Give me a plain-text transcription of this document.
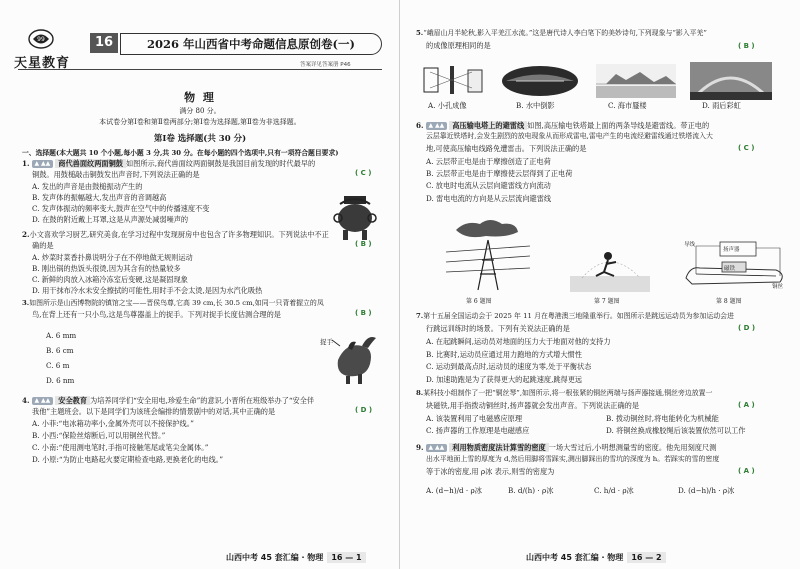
99
天星教育
16	2026 年山西省中考命题信息原创卷(一)
答案详见答案册 P46
物 理
满分 80 分。
本试卷分第Ⅰ卷和第Ⅱ卷两部分;第Ⅰ卷为选择题,第Ⅱ卷为非选择题。
第Ⅰ卷 选择题(共 30 分)
一、选择题(本大题共 10 个小题,每小题 3 分,共 30 分。在每小题的四个选项中,只有一项符合题目要求)
1. ▲ ▲▲ 商代兽面纹两面铜鼓 如图所示,商代兽面纹两面铜鼓是我国目前发现的时代最早的
铜鼓。用鼓槌敲击铜鼓发出声音时,下列说法正确的是	( C )
A. 发出的声音是由鼓槌振动产生的
B. 发声体的振幅越大,发出声音的音调越高
C. 发声体振动的频率变大,鼓声在空气中的传播速度不变
D. 在鼓的附近戴上耳罩,这是从声源处减弱噪声的
2.小文喜欢学习厨艺,研究美食,在学习过程中发现厨房中也包含了许多物理知识。下列说法中不正
确的是	( B )
A. 炒菜时菜香扑鼻说明分子在不停地做无规则运动
B. 刚出锅的热饭头很烫,因为其含有的热量较多
C. 新鲜的肉放入冰箱冷冻室后变硬,这是凝固现象
D. 用干抹布冷水未安全擦拭的可能性,用时手不会太烫,是因为水汽化吸热
3.如图所示是山西博物院的镇馆之宝——晋侯鸟尊,它高 39 cm,长 30.5 cm,如同一只背着握立的凤
鸟,在背上还有一只小鸟,这是鸟尊器盖上的捉手。下列对捉手长度估测合理的是	( B )
A. 6 mm
B. 6 cm
C. 6 m
D. 6 nm
捉手
4. ▲ ▲▲ 安全教育 为培养同学们“安全用电,珍爱生命”的意识,小晋所在班级举办了“安全伴
我他”主题班会。以下是同学们为该班会编排的情景剧中的对话,其中正确的是	( D )
A. 小菲:“电冰箱功率小,金属外壳可以不接保护线。”
B. 小西:“保险丝熔断后,可以用铜丝代替。”
C. 小南:“使用测电笔时,手指可接触笔尾或笔尖金属体。”
D. 小原:“为防止电路起火要定期检查电路,更换老化的电线。”
山西中考 45 套汇编 · 物理 16 — 1
5.“峨眉山月半轮秋,影入平羌江水流。”这是唐代诗人李白笔下的美妙诗句,下列现象与“影入平羌”
的成像原理相同的是	( B )
A. 小孔成像	B. 水中倒影	C. 海市蜃楼	D. 雨后彩虹
6. ▲ ▲▲ 高压输电塔上的避雷线 如图,高压输电铁塔最上面的两条导线是避雷线。带正电的
云层靠近铁塔时,会发生剧烈的放电现象从而形成雷电,雷电产生的电流经避雷线通过铁塔流入大
地,可使高压输电线路免遭雷击。下列说法正确的是	( C )
A. 云层带正电是由于摩擦创造了正电荷
B. 云层带正电是由于摩擦使云层得到了正电荷
C. 放电时电流从云层向避雷线方向流动
D. 雷电电流的方向是从云层流向避雷线
导线
扬声器
磁铁
铜丝
第 6 题图	第 7 题图	第 8 题图
7.第十五届全国运动会于 2025 年 11 月在粤港澳三地隆重举行。如图所示是跳远运动员为参加运动会进
行跳远训练时的场景。下列有关说法正确的是	( D )
A. 在起跳瞬间,运动员对地面的压力大于地面对他的支持力
B. 比赛时,运动员应通过用力跑地的方式增大惯性
C. 运动到最高点时,运动员的速度为零,处于平衡状态
D. 加速助跑是为了获得更大的起跳速度,跳得更远
8.某科技小组制作了一把“铜丝琴”,如图所示,将一根张紧的铜丝两端与扬声器接通,铜丝旁边放置一
块磁铁,用手指拨动铜丝时,扬声器就会发出声音。下列说法正确的是	( A )
A. 该装置利用了电磁感应原理	B. 拨动铜丝时,将电能转化为机械能
C. 扬声器的工作原理是电磁感应	D. 将铜丝换成橡胶绳后该装置依然可以工作
9. ▲ ▲▲ 利用物质密度法计算雪的密度 一场大雪过后,小明想测量雪的密度。他先用刻度尺测
出水平地面上雪的厚度为 d,然后用脚将雪踩实,测出脚踩出的雪坑的深度为 h。若踩实的雪的密度
等于冰的密度,用 ρ冰 表示,则雪的密度为	( A )
A. (d−h)/d · ρ冰	B. d/(h) · ρ冰	C. h/d · ρ冰	D. (d−h)/h · ρ冰
山西中考 45 套汇编 · 物理 16 — 2
